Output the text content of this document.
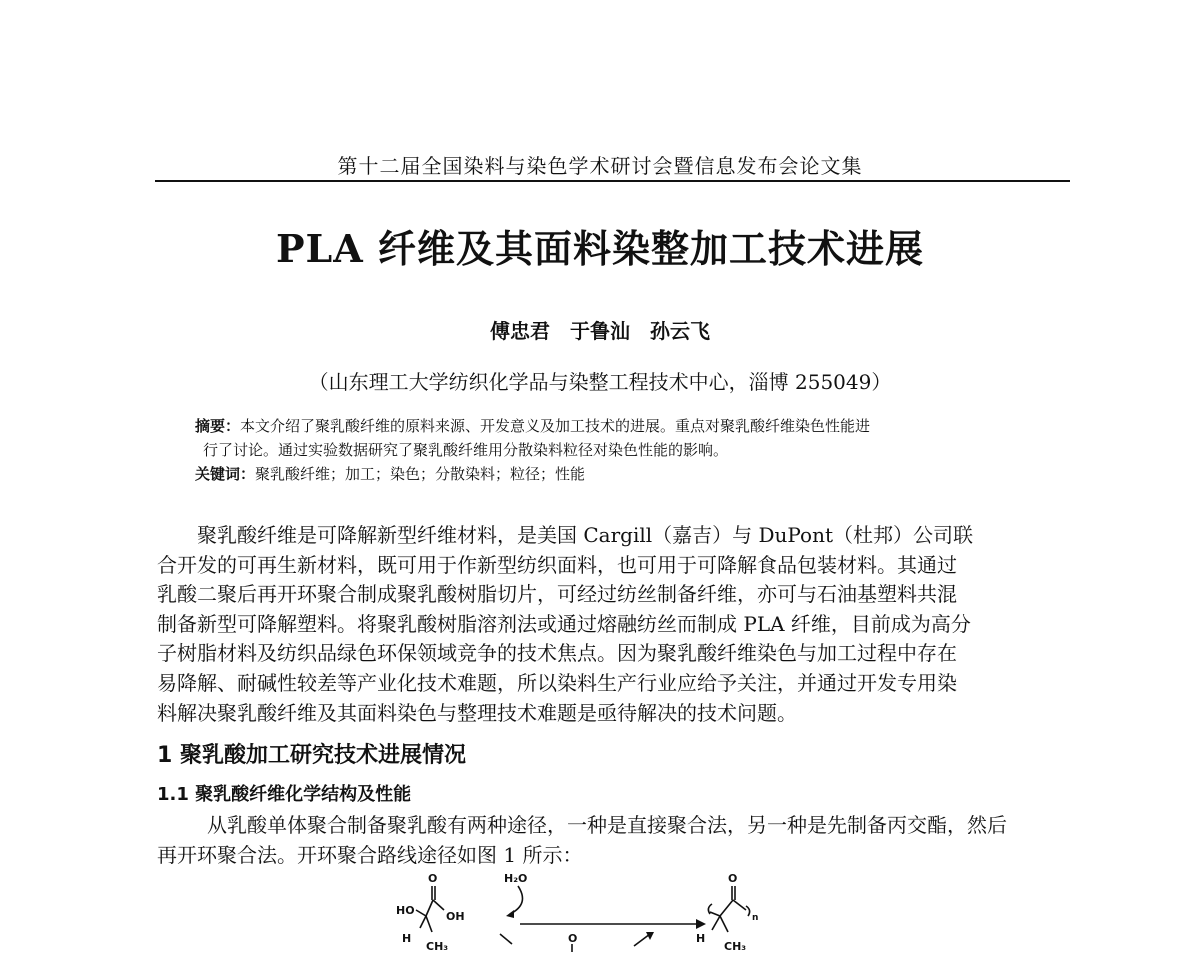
第十二届全国染料与染色学术研讨会暨信息发布会论文集
PLA 纤维及其面料染整加工技术进展
傅忠君　于鲁汕　孙云飞
（山东理工大学纺织化学品与染整工程技术中心，淄博 255049）
摘要：本文介绍了聚乳酸纤维的原料来源、开发意义及加工技术的进展。重点对聚乳酸纤维染色性能进
行了讨论。通过实验数据研究了聚乳酸纤维用分散染料粒径对染色性能的影响。
关键词：聚乳酸纤维；加工；染色；分散染料；粒径；性能
聚乳酸纤维是可降解新型纤维材料，是美国 Cargill（嘉吉）与 DuPont（杜邦）公司联
合开发的可再生新材料，既可用于作新型纺织面料，也可用于可降解食品包装材料。其通过
乳酸二聚后再开环聚合制成聚乳酸树脂切片，可经过纺丝制备纤维，亦可与石油基塑料共混
制备新型可降解塑料。将聚乳酸树脂溶剂法或通过熔融纺丝而制成 PLA 纤维，目前成为高分
子树脂材料及纺织品绿色环保领域竞争的技术焦点。因为聚乳酸纤维染色与加工过程中存在
易降解、耐碱性较差等产业化技术难题，所以染料生产行业应给予关注，并通过开发专用染
料解决聚乳酸纤维及其面料染色与整理技术难题是亟待解决的技术问题。
1 聚乳酸加工研究技术进展情况
1.1 聚乳酸纤维化学结构及性能
从乳酸单体聚合制备聚乳酸有两种途径，一种是直接聚合法，另一种是先制备丙交酯，然后
再开环聚合法。开环聚合路线途径如图 1 所示：
O
HO	OH
H
CH₃
H₂O
O
O
n
H
CH₃
